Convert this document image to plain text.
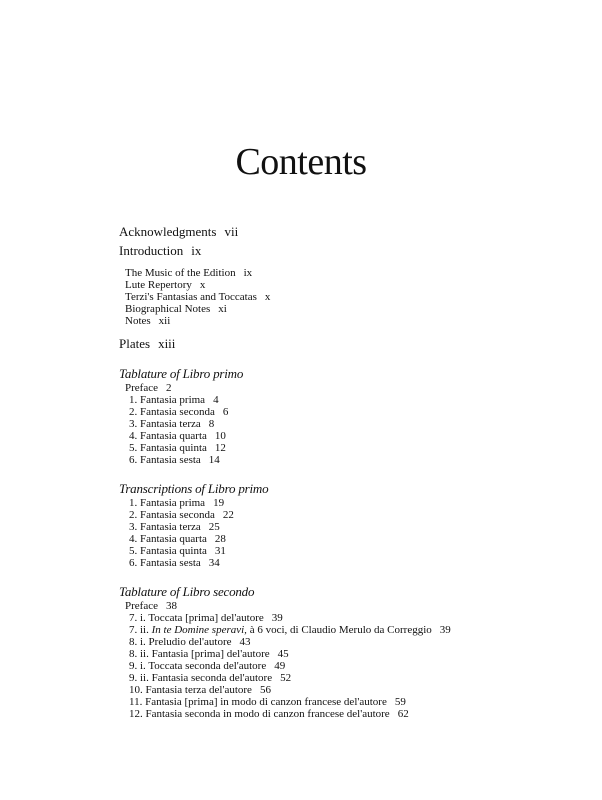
Contents
Acknowledgments vii
Introduction ix
The Music of the Edition ix
Lute Repertory x
Terzi's Fantasias and Toccatas x
Biographical Notes xi
Notes xii
Plates xiii
Tablature of Libro primo
Preface 2
1. Fantasia prima 4
2. Fantasia seconda 6
3. Fantasia terza 8
4. Fantasia quarta 10
5. Fantasia quinta 12
6. Fantasia sesta 14
Transcriptions of Libro primo
1. Fantasia prima 19
2. Fantasia seconda 22
3. Fantasia terza 25
4. Fantasia quarta 28
5. Fantasia quinta 31
6. Fantasia sesta 34
Tablature of Libro secondo
Preface 38
7. i. Toccata [prima] del'autore 39
7. ii. In te Domine speravi, à 6 voci, di Claudio Merulo da Correggio 39
8. i. Preludio del'autore 43
8. ii. Fantasia [prima] del'autore 45
9. i. Toccata seconda del'autore 49
9. ii. Fantasia seconda del'autore 52
10. Fantasia terza del'autore 56
11. Fantasia [prima] in modo di canzon francese del'autore 59
12. Fantasia seconda in modo di canzon francese del'autore 62
